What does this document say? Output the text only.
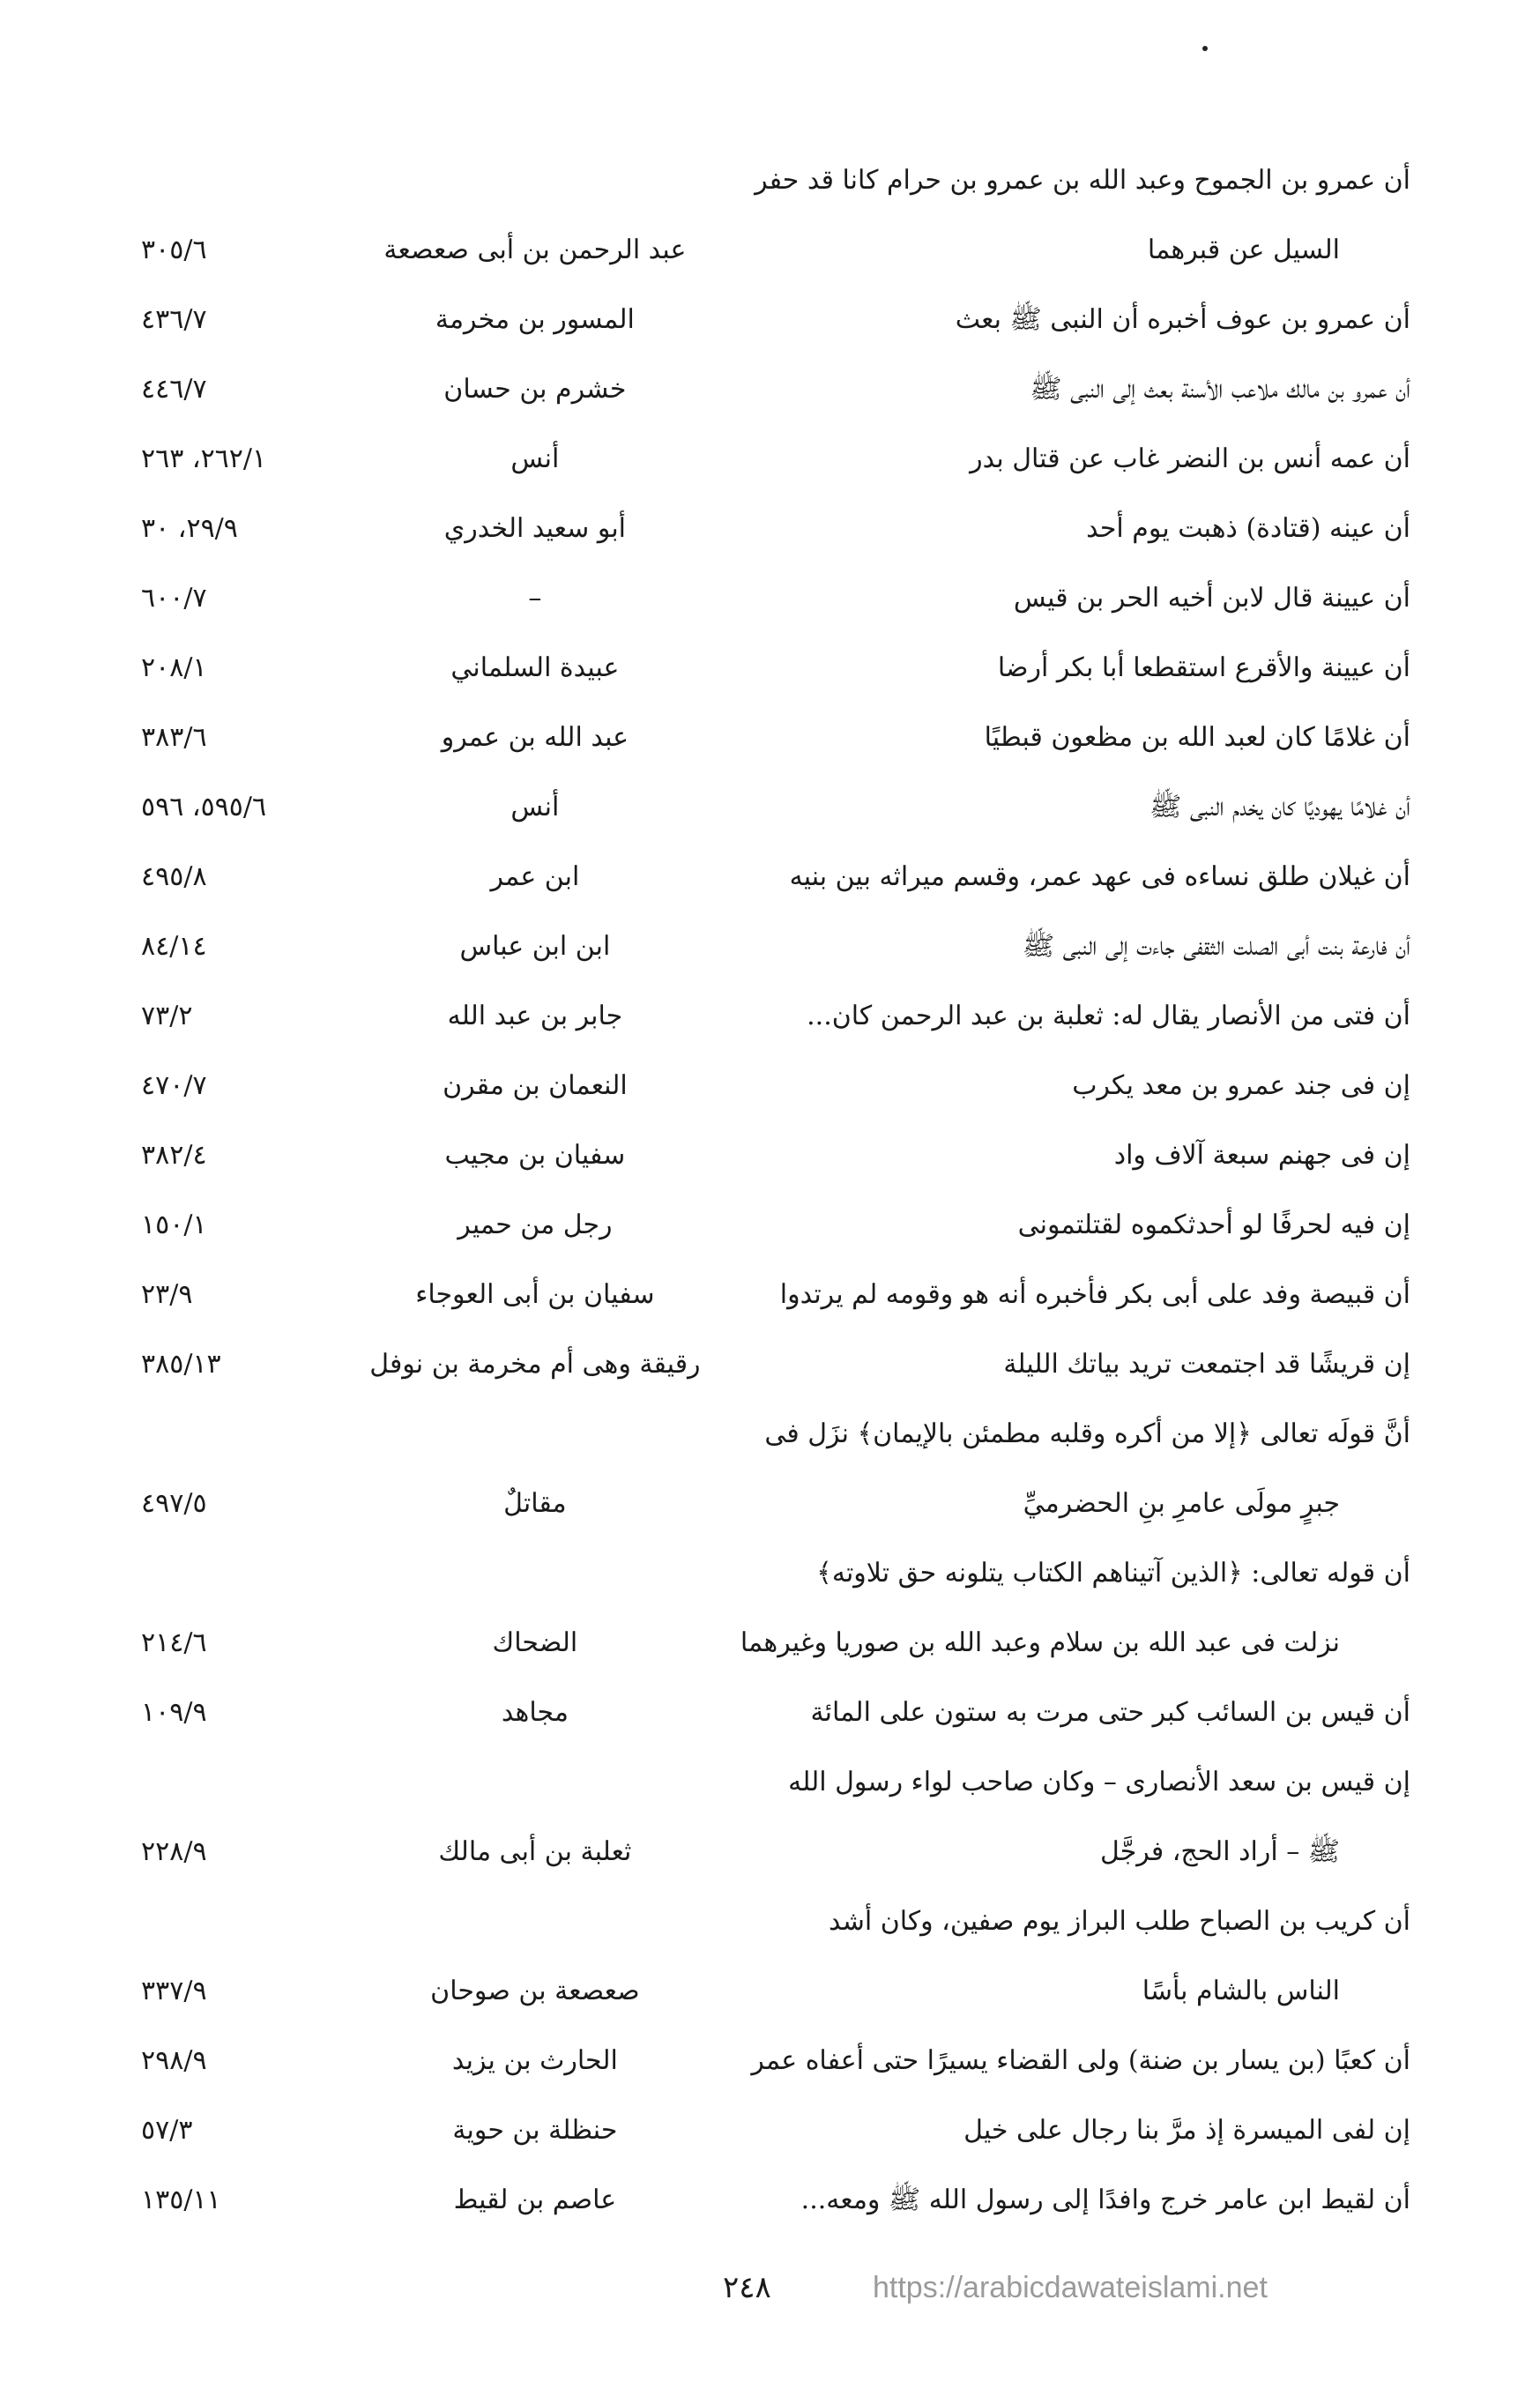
أن عمرو بن الجموح وعبد الله بن عمرو بن حرام كانا قد حفر
السيل عن قبرهما
عبد الرحمن بن أبى صعصعة
٣٠٥/٦
أن عمرو بن عوف أخبره أن النبى ﷺ بعث
المسور بن مخرمة
٤٣٦/٧
أن عمرو بن مالك ملاعب الأسنة بعث إلى النبى ﷺ
خشرم بن حسان
٤٤٦/٧
أن عمه أنس بن النضر غاب عن قتال بدر
أنس
٢٦٢/١، ٢٦٣
أن عينه (قتادة) ذهبت يوم أحد
أبو سعيد الخدري
٢٩/٩، ٣٠
أن عيينة قال لابن أخيه الحر بن قيس
–
٦٠٠/٧
أن عيينة والأقرع استقطعا أبا بكر أرضا
عبيدة السلماني
٢٠٨/١
أن غلامًا كان لعبد الله بن مظعون قبطيًا
عبد الله بن عمرو
٣٨٣/٦
أن غلامًا يهوديًا كان يخدم النبى ﷺ
أنس
٥٩٥/٦، ٥٩٦
أن غيلان طلق نساءه فى عهد عمر، وقسم ميراثه بين بنيه
ابن عمر
٤٩٥/٨
أن فارعة بنت أبى الصلت الثقفى جاءت إلى النبى ﷺ
ابن ابن عباس
٨٤/١٤
أن فتى من الأنصار يقال له: ثعلبة بن عبد الرحمن كان...
جابر بن عبد الله
٧٣/٢
إن فى جند عمرو بن معد يكرب
النعمان بن مقرن
٤٧٠/٧
إن فى جهنم سبعة آلاف واد
سفيان بن مجيب
٣٨٢/٤
إن فيه لحرفًا لو أحدثكموه لقتلتمونى
رجل من حمير
١٥٠/١
أن قبيصة وفد على أبى بكر فأخبره أنه هو وقومه لم يرتدوا
سفيان بن أبى العوجاء
٢٣/٩
إن قريشًا قد اجتمعت تريد بياتك الليلة
رقيقة وهى أم مخرمة بن نوفل
٣٨٥/١٣
أنَّ قولَه تعالى ﴿إلا من أكره وقلبه مطمئن بالإيمان﴾ نزَل فى
جبرٍ مولَى عامرِ بنِ الحضرميِّ
مقاتلٌ
٤٩٧/٥
أن قوله تعالى: ﴿الذين آتيناهم الكتاب يتلونه حق تلاوته﴾
نزلت فى عبد الله بن سلام وعبد الله بن صوريا وغيرهما
الضحاك
٢١٤/٦
أن قيس بن السائب كبر حتى مرت به ستون على المائة
مجاهد
١٠٩/٩
إن قيس بن سعد الأنصارى – وكان صاحب لواء رسول الله
ﷺ – أراد الحج، فرجَّل
ثعلبة بن أبى مالك
٢٢٨/٩
أن كريب بن الصباح طلب البراز يوم صفين، وكان أشد
الناس بالشام بأسًا
صعصعة بن صوحان
٣٣٧/٩
أن كعبًا (بن يسار بن ضنة) ولى القضاء يسيرًا حتى أعفاه عمر
الحارث بن يزيد
٢٩٨/٩
إن لفى الميسرة إذ مرَّ بنا رجال على خيل
حنظلة بن حوية
٥٧/٣
أن لقيط ابن عامر خرج وافدًا إلى رسول الله ﷺ ومعه...
عاصم بن لقيط
١٣٥/١١
٢٤٨	https://arabicdawateislami.net
